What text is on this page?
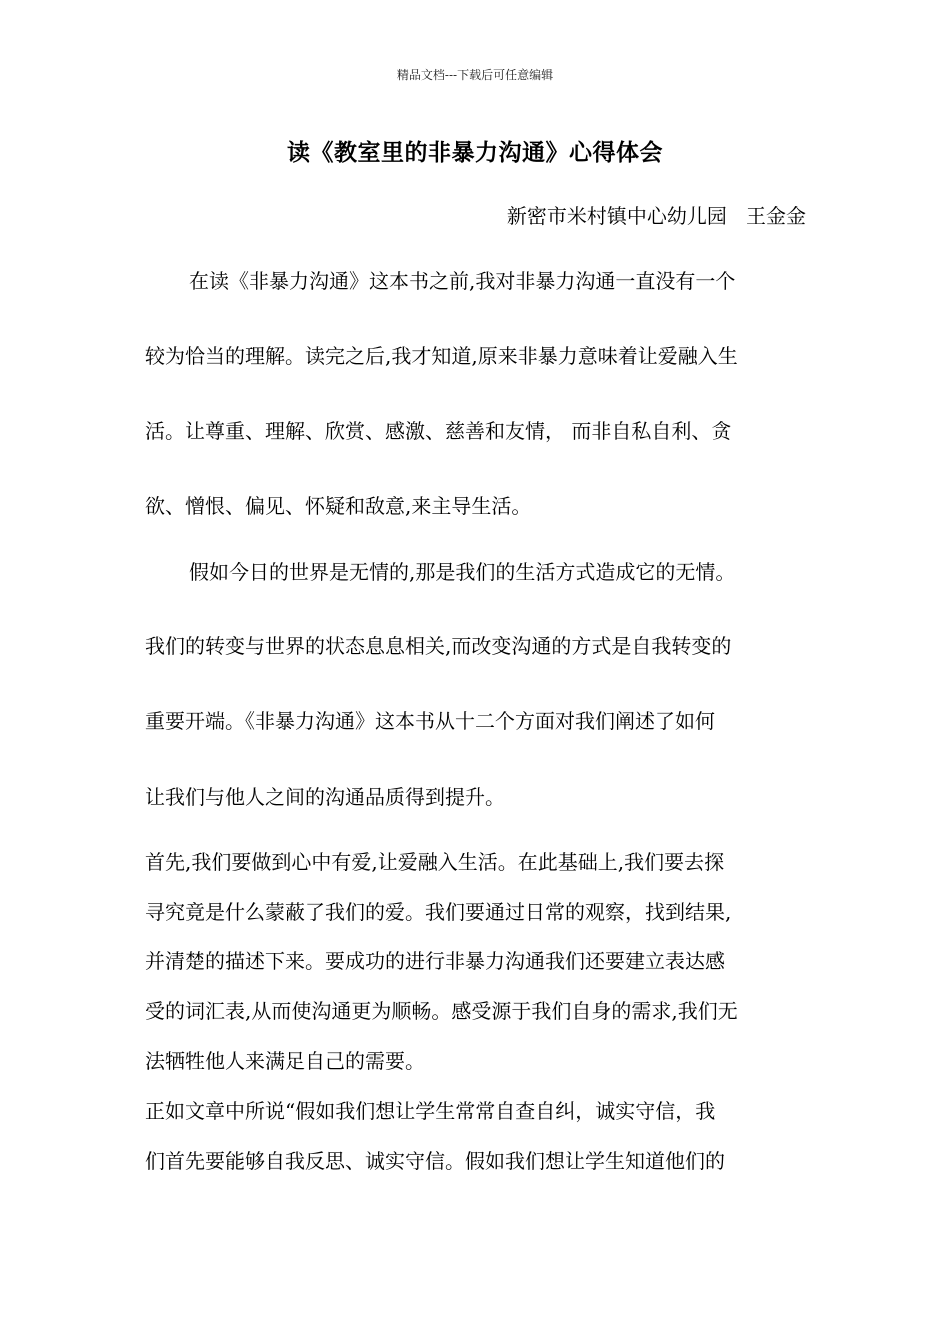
精品文档---下载后可任意编辑
读《教室里的非暴力沟通》心得体会
新密市米村镇中心幼儿园   王金金
在读《非暴力沟通》这本书之前,我对非暴力沟通一直没有一个
较为恰当的理解。读完之后,我才知道,原来非暴力意味着让爱融入生
活。让尊重、理解、欣赏、感激、慈善和友情， 而非自私自利、贪
欲、憎恨、偏见、怀疑和敌意,来主导生活。
假如今日的世界是无情的,那是我们的生活方式造成它的无情。
我们的转变与世界的状态息息相关,而改变沟通的方式是自我转变的
重要开端。《非暴力沟通》这本书从十二个方面对我们阐述了如何
让我们与他人之间的沟通品质得到提升。
首先,我们要做到心中有爱,让爱融入生活。在此基础上,我们要去探
寻究竟是什么蒙蔽了我们的爱。我们要通过日常的观察，找到结果,
并清楚的描述下来。要成功的进行非暴力沟通我们还要建立表达感
受的词汇表,从而使沟通更为顺畅。感受源于我们自身的需求,我们无
法牺牲他人来满足自己的需要。
正如文章中所说“假如我们想让学生常常自查自纠，诚实守信，我
们首先要能够自我反思、诚实守信。假如我们想让学生知道他们的
